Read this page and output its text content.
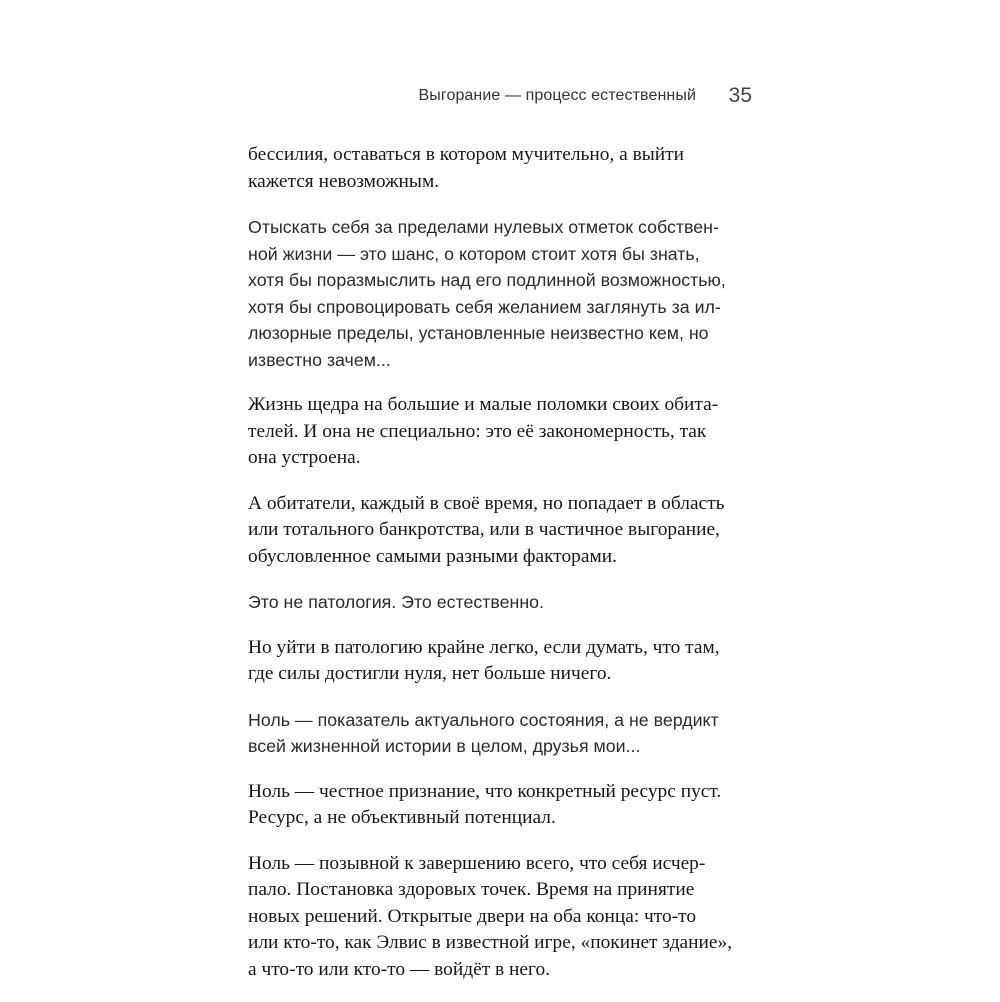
Выгорание — процесс естественный 35

бессилия, оставаться в котором мучительно, а выйти
кажется невозможным.

Отыскать себя за пределами нулевых отметок собствен-
ной жизни — это шанс, о котором стоит хотя бы знать,
хотя бы поразмыслить над его подлинной возможностью,
хотя бы спровоцировать себя желанием заглянуть за ил-
люзорные пределы, установленные неизвестно кем, но
известно зачем...

Жизнь щедра на большие и малые поломки своих обита-
телей. И она не специально: это её закономерность, так
она устроена.

А обитатели, каждый в своё время, но попадает в область
или тотального банкротства, или в частичное выгорание,
обусловленное самыми разными факторами.

Это не патология. Это естественно.

Но уйти в патологию крайне легко, если думать, что там,
где силы достигли нуля, нет больше ничего.

Ноль — показатель актуального состояния, а не вердикт
всей жизненной истории в целом, друзья мои...

Ноль — честное признание, что конкретный ресурс пуст.
Ресурс, а не объективный потенциал.

Ноль — позывной к завершению всего, что себя исчер-
пало. Постановка здоровых точек. Время на принятие
новых решений. Открытые двери на оба конца: что-то
или кто-то, как Элвис в известной игре, «покинет здание»,
а что-то или кто-то — войдёт в него.
